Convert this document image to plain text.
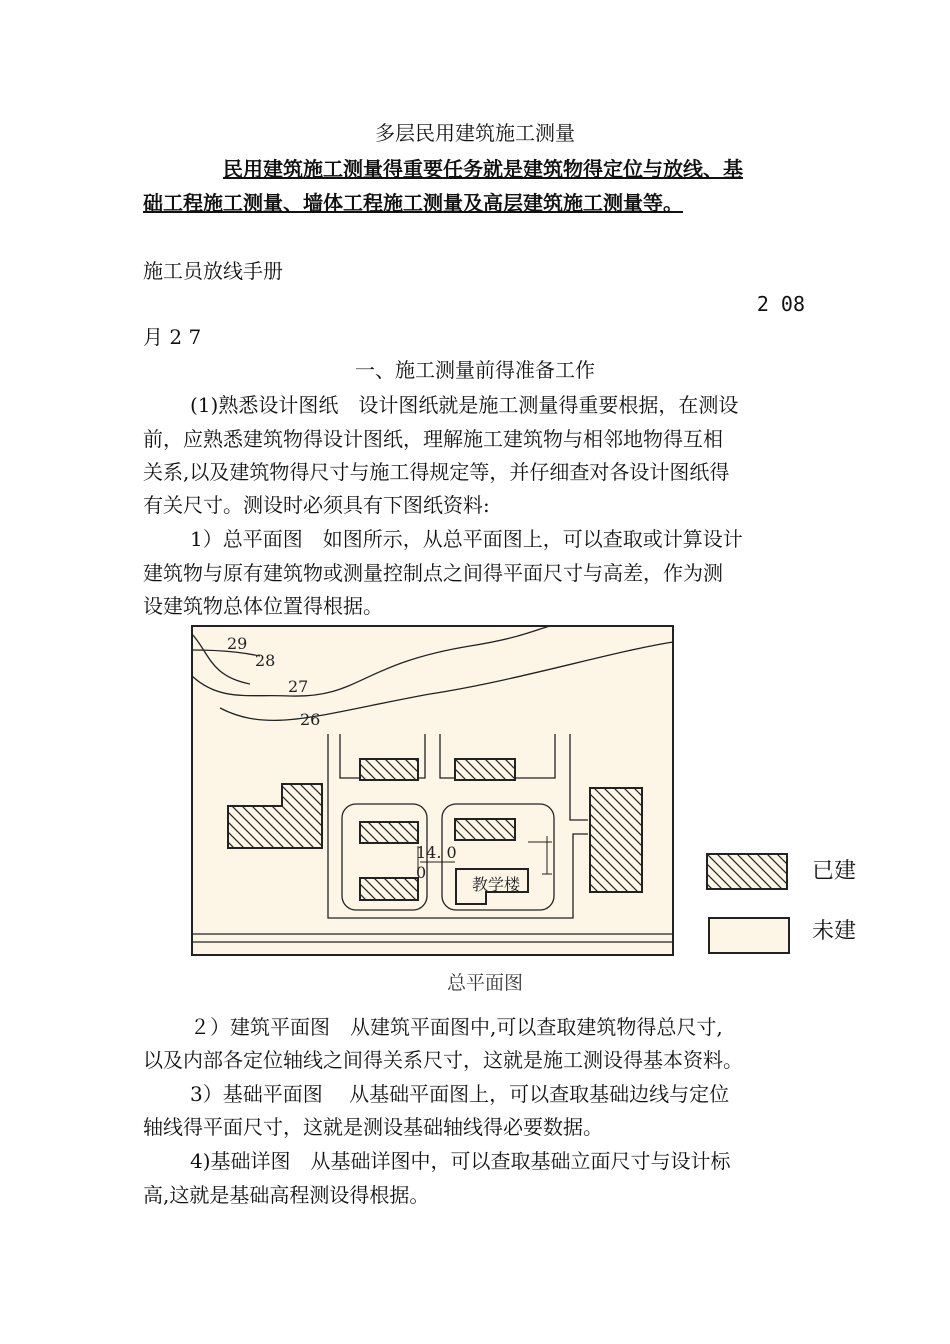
多层民用建筑施工测量
民用建筑施工测量得重要任务就是建筑物得定位与放线、基
础工程施工测量、墙体工程施工测量及高层建筑施工测量等。
施工员放线手册
2 08
月 2 7
一、施工测量前得准备工作
(1)熟悉设计图纸　设计图纸就是施工测量得重要根据，在测设
前，应熟悉建筑物得设计图纸，理解施工建筑物与相邻地物得互相
关系,以及建筑物得尺寸与施工得规定等，并仔细查对各设计图纸得
有关尺寸。测设时必须具有下图纸资料:
1）总平面图　如图所示，从总平面图上，可以查取或计算设计
建筑物与原有建筑物或测量控制点之间得平面尺寸与高差，作为测
设建筑物总体位置得根据。
29
28
27
26
教学楼
14. 0
0	已建
未建
总平面图
２）建筑平面图　从建筑平面图中,可以查取建筑物得总尺寸,
以及内部各定位轴线之间得关系尺寸，这就是施工测设得基本资料。
3）基础平面图　 从基础平面图上，可以查取基础边线与定位
轴线得平面尺寸，这就是测设基础轴线得必要数据。
4)基础详图　从基础详图中，可以查取基础立面尺寸与设计标
高,这就是基础高程测设得根据。
